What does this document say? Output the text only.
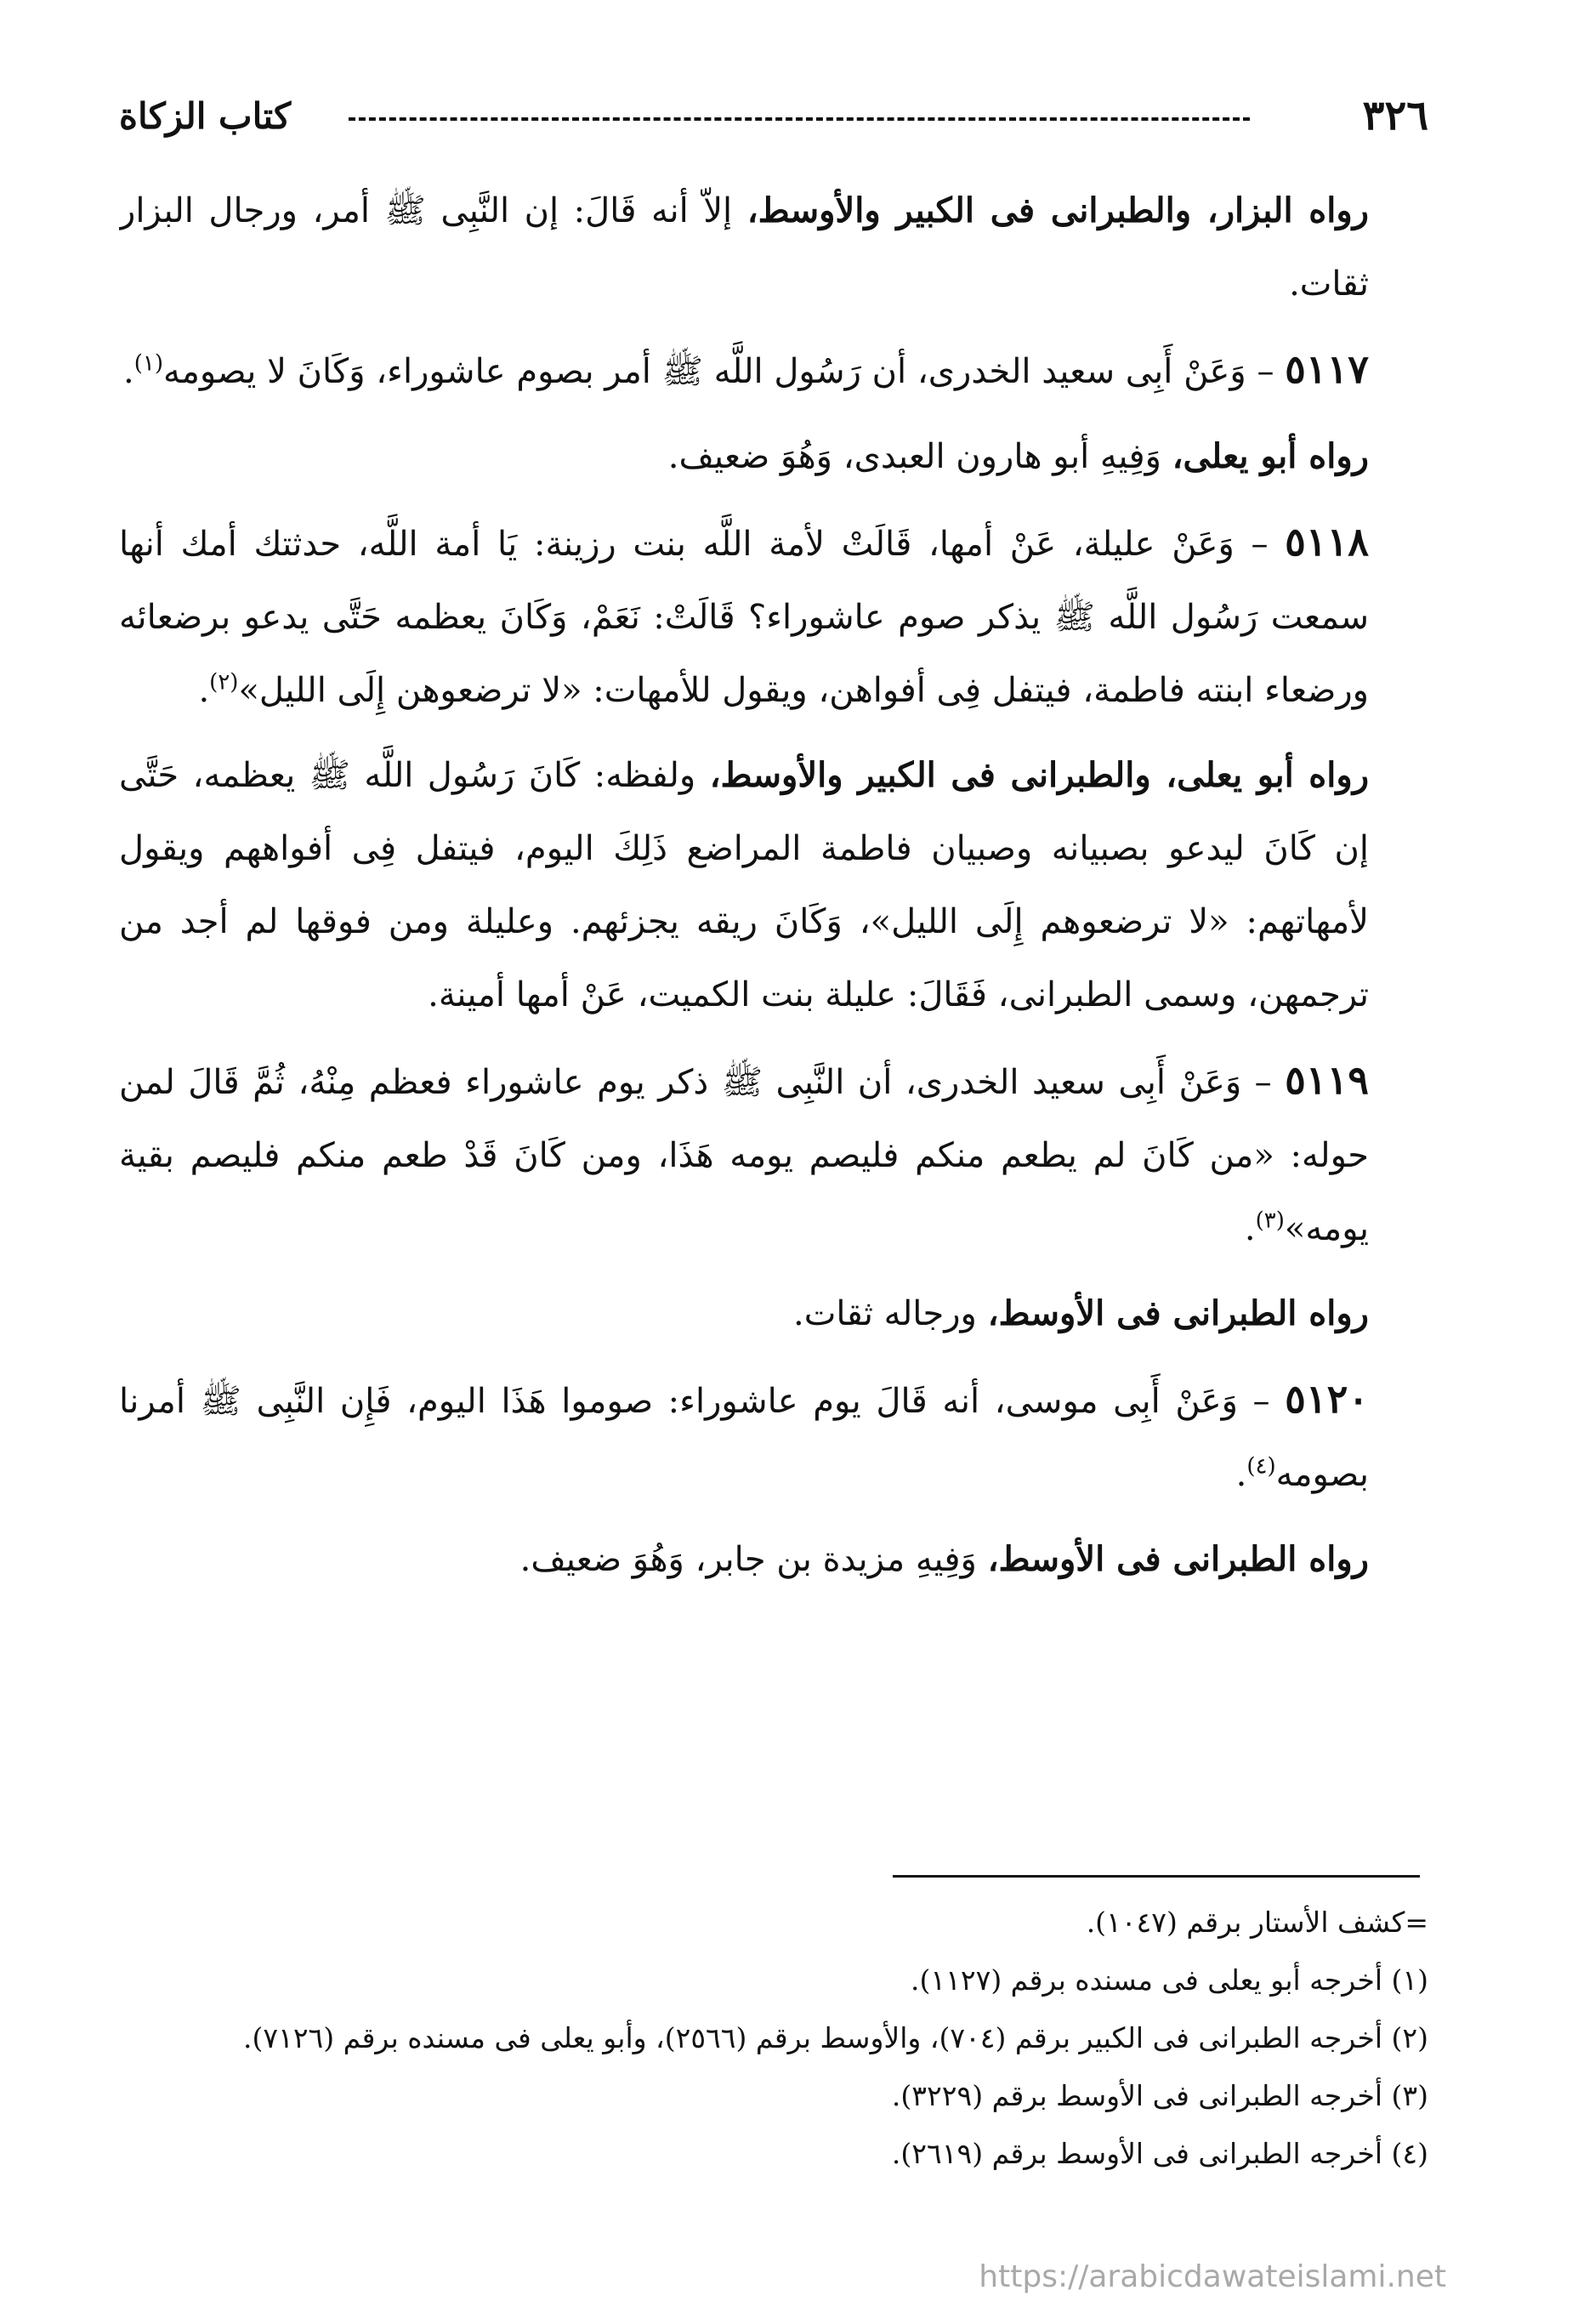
كتاب الزكاة	٣٢٦

رواه البزار، والطبرانى فى الكبير والأوسط، إلاّ أنه قَالَ: إن النَّبِى ﷺ أمر، ورجال البزار ثقات.

٥١١٧ – وَعَنْ أَبِى سعيد الخدرى، أن رَسُول اللَّه ﷺ أمر بصوم عاشوراء، وَكَانَ لا يصومه$^{(١)}$.

رواه أبو يعلى، وَفِيهِ أبو هارون العبدى، وَهُوَ ضعيف.

٥١١٨ – وَعَنْ عليلة، عَنْ أمها، قَالَتْ لأمة اللَّه بنت رزينة: يَا أمة اللَّه، حدثتك أمك أنها سمعت رَسُول اللَّه ﷺ يذكر صوم عاشوراء؟ قَالَتْ: نَعَمْ، وَكَانَ يعظمه حَتَّى يدعو برضعائه ورضعاء ابنته فاطمة، فيتفل فِى أفواهن، ويقول للأمهات: «لا ترضعوهن إِلَى الليل»$^{(٢)}$.

رواه أبو يعلى، والطبرانى فى الكبير والأوسط، ولفظه: كَانَ رَسُول اللَّه ﷺ يعظمه، حَتَّى إن كَانَ ليدعو بصبيانه وصبيان فاطمة المراضع ذَلِكَ اليوم، فيتفل فِى أفواههم ويقول لأمهاتهم: «لا ترضعوهم إِلَى الليل»، وَكَانَ ريقه يجزئهم. وعليلة ومن فوقها لم أجد من ترجمهن، وسمى الطبرانى، فَقَالَ: عليلة بنت الكميت، عَنْ أمها أمينة.

٥١١٩ – وَعَنْ أَبِى سعيد الخدرى، أن النَّبِى ﷺ ذكر يوم عاشوراء فعظم مِنْهُ، ثُمَّ قَالَ لمن حوله: «من كَانَ لم يطعم منكم فليصم يومه هَذَا، ومن كَانَ قَدْ طعم منكم فليصم بقية يومه»$^{(٣)}$.

رواه الطبرانى فى الأوسط، ورجاله ثقات.

٥١٢٠ – وَعَنْ أَبِى موسى، أنه قَالَ يوم عاشوراء: صوموا هَذَا اليوم، فَإِن النَّبِى ﷺ أمرنا بصومه$^{(٤)}$.

رواه الطبرانى فى الأوسط، وَفِيهِ مزيدة بن جابر، وَهُوَ ضعيف.

=كشف الأستار برقم (١٠٤٧).

(١) أخرجه أبو يعلى فى مسنده برقم (١١٢٧).

(٢) أخرجه الطبرانى فى الكبير برقم (٧٠٤)، والأوسط برقم (٢٥٦٦)، وأبو يعلى فى مسنده برقم (٧١٢٦).

(٣) أخرجه الطبرانى فى الأوسط برقم (٣٢٢٩).

(٤) أخرجه الطبرانى فى الأوسط برقم (٢٦١٩).

https://arabicdawateislami.net
